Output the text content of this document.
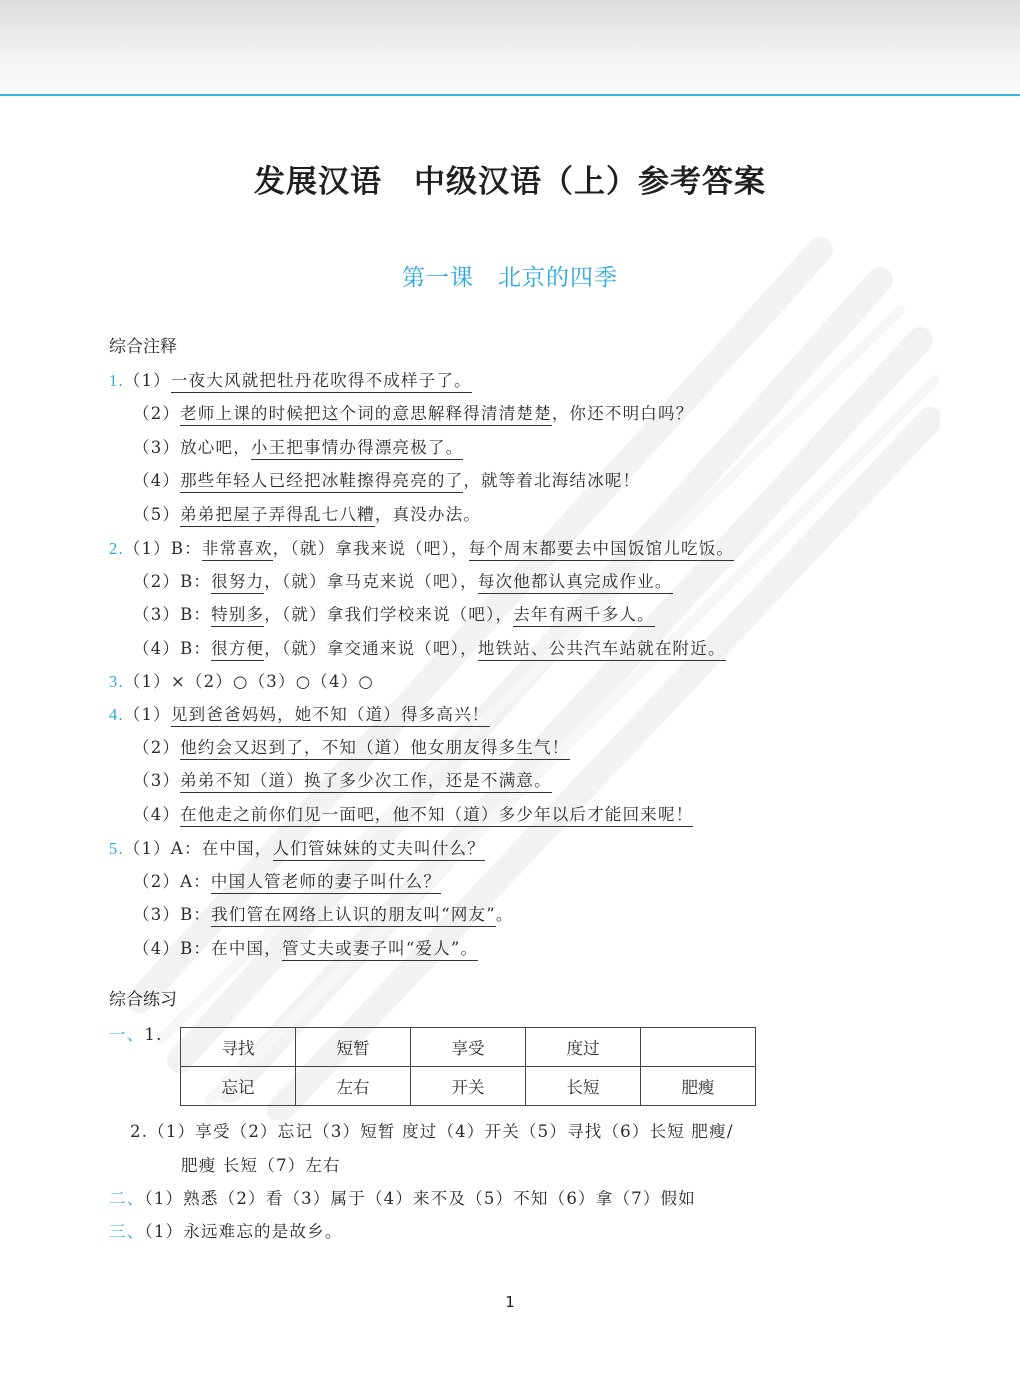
发展汉语　中级汉语（上）参考答案
第一课　北京的四季
综合注释
1.（1）一夜大风就把牡丹花吹得不成样子了。
（2）老师上课的时候把这个词的意思解释得清清楚楚，你还不明白吗？
（3）放心吧，小王把事情办得漂亮极了。
（4）那些年轻人已经把冰鞋擦得亮亮的了，就等着北海结冰呢！
（5）弟弟把屋子弄得乱七八糟，真没办法。
2.（1）B：非常喜欢，（就）拿我来说（吧），每个周末都要去中国饭馆儿吃饭。
（2）B：很努力，（就）拿马克来说（吧），每次他都认真完成作业。
（3）B：特别多，（就）拿我们学校来说（吧），去年有两千多人。
（4）B：很方便，（就）拿交通来说（吧），地铁站、公共汽车站就在附近。
3.（1）×（2）○（3）○（4）○
4.（1）见到爸爸妈妈，她不知（道）得多高兴！
（2）他约会又迟到了，不知（道）他女朋友得多生气！
（3）弟弟不知（道）换了多少次工作，还是不满意。
（4）在他走之前你们见一面吧，他不知（道）多少年以后才能回来呢！
5.（1）A：在中国，人们管妹妹的丈夫叫什么？
（2）A：中国人管老师的妻子叫什么？
（3）B：我们管在网络上认识的朋友叫“网友”。
（4）B：在中国，管丈夫或妻子叫“爱人”。
综合练习
一、1.
寻找	短暂	享受	度过	
忘记	左右	开关	长短	肥瘦
2.（1）享受（2）忘记（3）短暂 度过（4）开关（5）寻找（6）长短 肥瘦/
肥瘦 长短（7）左右
二、（1）熟悉（2）看（3）属于（4）来不及（5）不知（6）拿（7）假如
三、（1）永远难忘的是故乡。
1
